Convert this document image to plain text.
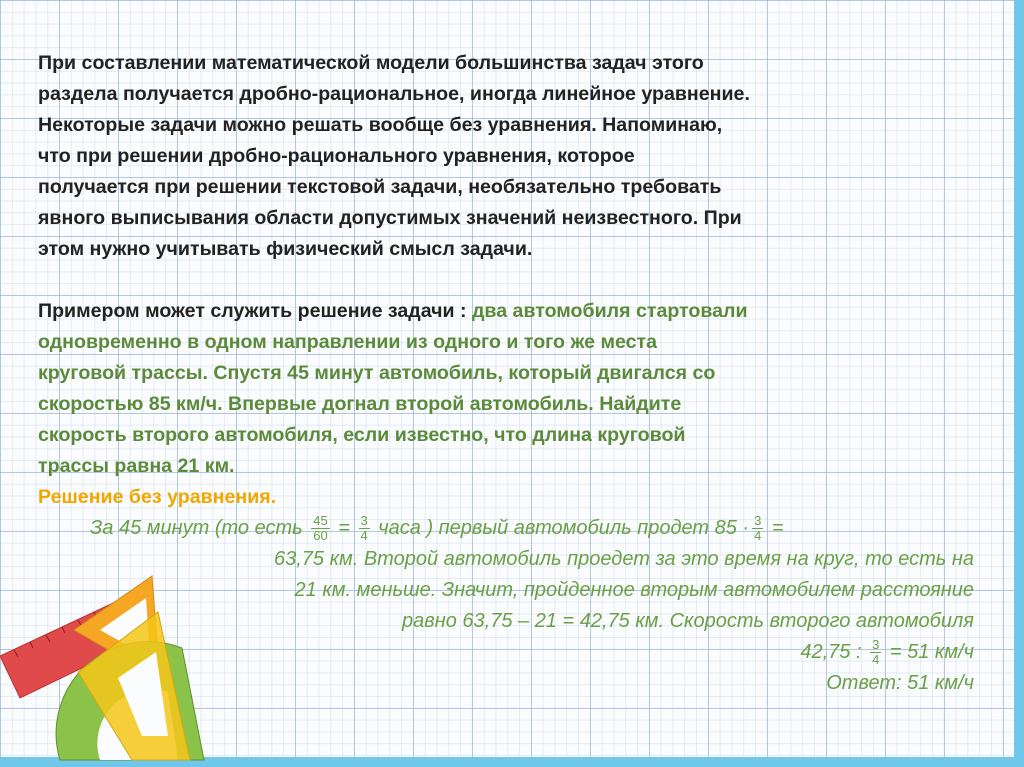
При составлении математической модели большинства задач этого
раздела получается дробно-рациональное, иногда линейное уравнение.
Некоторые задачи можно решать вообще без уравнения. Напоминаю,
что при решении дробно-рационального уравнения, которое
получается при решении текстовой задачи, необязательно требовать
явного выписывания области допустимых значений неизвестного. При
этом нужно учитывать физический смысл задачи.

Примером может служить решение задачи : два автомобиля стартовали
одновременно в одном направлении из одного и того же места
круговой трассы. Спустя 45 минут автомобиль, который двигался со
скоростью 85 км/ч. Впервые догнал второй автомобиль. Найдите
скорость второго автомобиля, если известно, что длина круговой
трассы равна 21 км.
Решение без уравнения.

За 45 минут (то есть $\frac{45}{60} = \frac{3}{4}$ часа ) первый автомобиль продет $85 \cdot \frac{3}{4}$ =
63,75 км. Второй автомобиль проедет за это время на круг, то есть на
21 км. меньше. Значит, пройденное вторым автомобилем расстояние
равно 63,75 – 21 = 42,75 км. Скорость второго автомобиля
42,75 : $\frac{3}{4} = 51$ км/ч
Ответ: 51 км/ч
